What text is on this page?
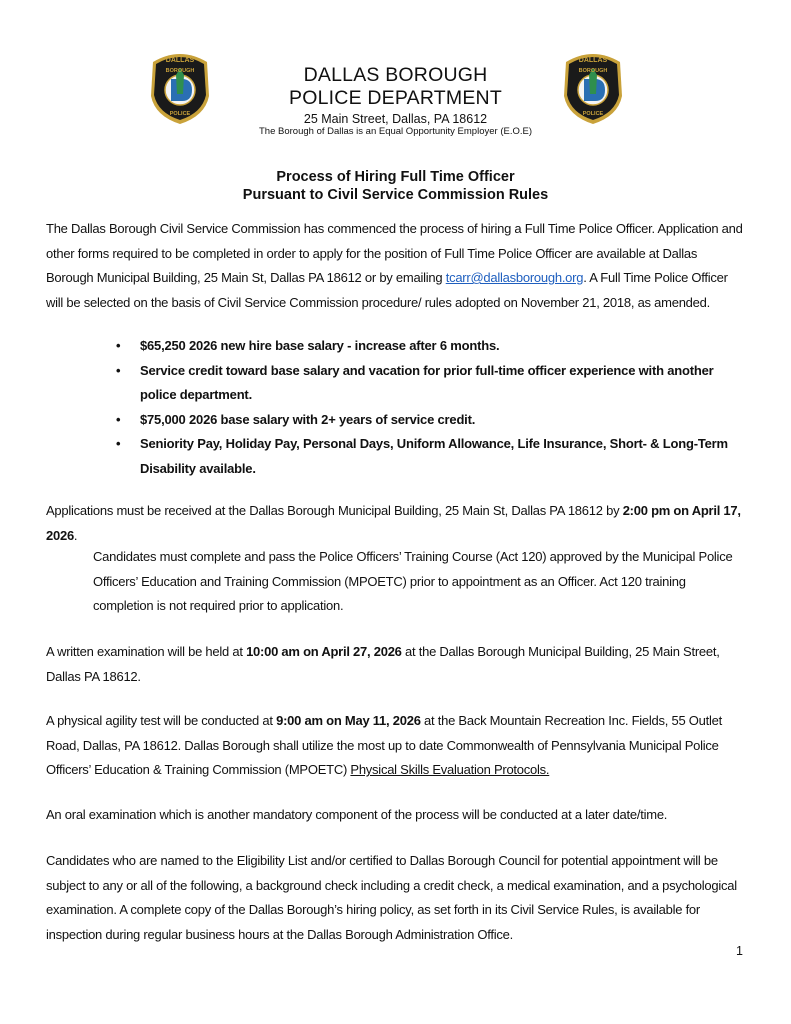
DALLAS
BOROUGH
POLICE
DALLAS
BOROUGH
POLICE
DALLAS BOROUGH
POLICE DEPARTMENT
25 Main Street, Dallas, PA 18612
The Borough of Dallas is an Equal Opportunity Employer (E.O.E)
Process of Hiring Full Time Officer
Pursuant to Civil Service Commission Rules
The Dallas Borough Civil Service Commission has commenced the process of hiring a Full Time Police Officer. Application and other forms required to be completed in order to apply for the position of Full Time Police Officer are available at Dallas Borough Municipal Building, 25 Main St, Dallas PA 18612 or by emailing tcarr@dallasborough.org. A Full Time Police Officer will be selected on the basis of Civil Service Commission procedure/ rules adopted on November 21, 2018, as amended.
• $65,250 2026 new hire base salary - increase after 6 months.
• Service credit toward base salary and vacation for prior full-time officer experience with another police department.
• $75,000 2026 base salary with 2+ years of service credit.
• Seniority Pay, Holiday Pay, Personal Days, Uniform Allowance, Life Insurance, Short- & Long-Term Disability available.
Applications must be received at the Dallas Borough Municipal Building, 25 Main St, Dallas PA 18612 by 2:00 pm on April 17, 2026.
Candidates must complete and pass the Police Officers’ Training Course (Act 120) approved by the Municipal Police Officers’ Education and Training Commission (MPOETC) prior to appointment as an Officer. Act 120 training completion is not required prior to application.
A written examination will be held at 10:00 am on April 27, 2026 at the Dallas Borough Municipal Building, 25 Main Street, Dallas PA 18612.
A physical agility test will be conducted at 9:00 am on May 11, 2026 at the Back Mountain Recreation Inc. Fields, 55 Outlet Road, Dallas, PA 18612. Dallas Borough shall utilize the most up to date Commonwealth of Pennsylvania Municipal Police Officers’ Education & Training Commission (MPOETC) Physical Skills Evaluation Protocols.
An oral examination which is another mandatory component of the process will be conducted at a later date/time.
Candidates who are named to the Eligibility List and/or certified to Dallas Borough Council for potential appointment will be subject to any or all of the following, a background check including a credit check, a medical examination, and a psychological examination. A complete copy of the Dallas Borough’s hiring policy, as set forth in its Civil Service Rules, is available for inspection during regular business hours at the Dallas Borough Administration Office.
1
